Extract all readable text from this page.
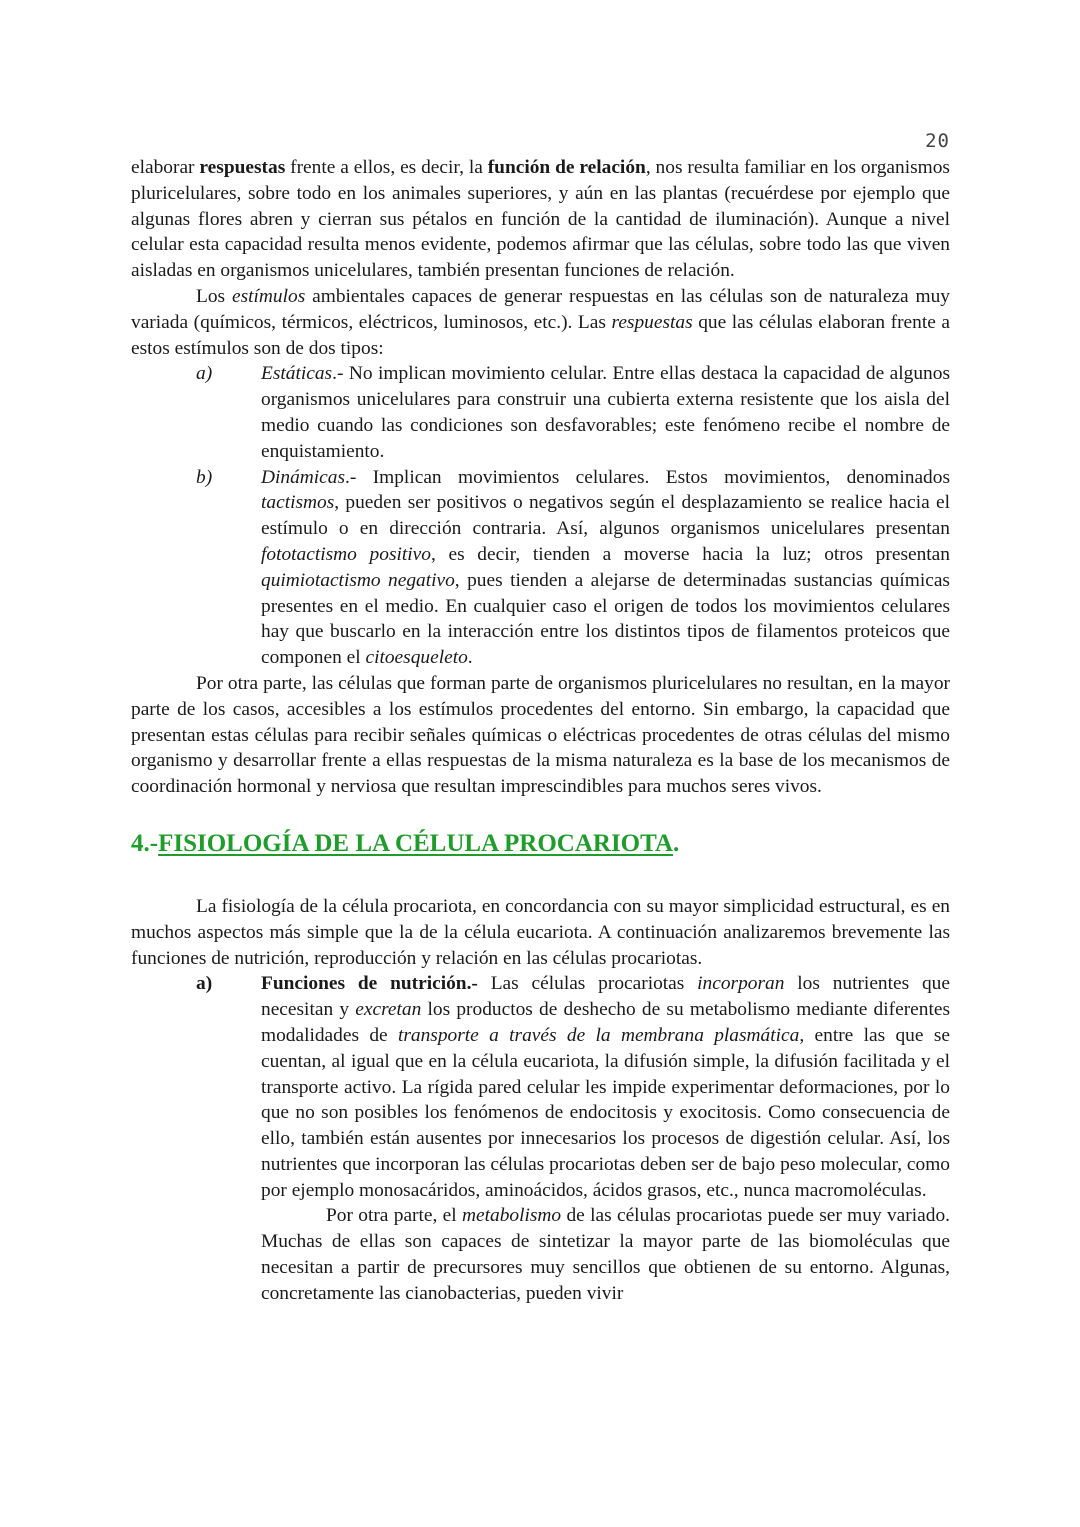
20

elaborar respuestas frente a ellos, es decir, la función de relación, nos resulta familiar en los organismos pluricelulares, sobre todo en los animales superiores, y aún en las plantas (recuérdese por ejemplo que algunas flores abren y cierran sus pétalos en función de la cantidad de iluminación). Aunque a nivel celular esta capacidad resulta menos evidente, podemos afirmar que las células, sobre todo las que viven aisladas en organismos unicelulares, también presentan funciones de relación.

Los estímulos ambientales capaces de generar respuestas en las células son de naturaleza muy variada (químicos, térmicos, eléctricos, luminosos, etc.). Las respuestas que las células elaboran frente a estos estímulos son de dos tipos:

a)	Estáticas.- No implican movimiento celular. Entre ellas destaca la capacidad de algunos organismos unicelulares para construir una cubierta externa resistente que los aisla del medio cuando las condiciones son desfavorables; este fenómeno recibe el nombre de enquistamiento.

b)	Dinámicas.- Implican movimientos celulares. Estos movimientos, denominados tactismos, pueden ser positivos o negativos según el desplazamiento se realice hacia el estímulo o en dirección contraria. Así, algunos organismos unicelulares presentan fototactismo positivo, es decir, tienden a moverse hacia la luz; otros presentan quimiotactismo negativo, pues tienden a alejarse de determinadas sustancias químicas presentes en el medio. En cualquier caso el origen de todos los movimientos celulares hay que buscarlo en la interacción entre los distintos tipos de filamentos proteicos que componen el citoesqueleto.

Por otra parte, las células que forman parte de organismos pluricelulares no resultan, en la mayor parte de los casos, accesibles a los estímulos procedentes del entorno. Sin embargo, la capacidad que presentan estas células para recibir señales químicas o eléctricas procedentes de otras células del mismo organismo y desarrollar frente a ellas respuestas de la misma naturaleza es la base de los mecanismos de coordinación hormonal y nerviosa que resultan imprescindibles para muchos seres vivos.

4.-FISIOLOGÍA DE LA CÉLULA PROCARIOTA.

La fisiología de la célula procariota, en concordancia con su mayor simplicidad estructural, es en muchos aspectos más simple que la de la célula eucariota. A continuación analizaremos brevemente las funciones de nutrición, reproducción y relación en las células procariotas.

a)	Funciones de nutrición.- Las células procariotas incorporan los nutrientes que necesitan y excretan los productos de deshecho de su metabolismo mediante diferentes modalidades de transporte a través de la membrana plasmática, entre las que se cuentan, al igual que en la célula eucariota, la difusión simple, la difusión facilitada y el transporte activo. La rígida pared celular les impide experimentar deformaciones, por lo que no son posibles los fenómenos de endocitosis y exocitosis. Como consecuencia de ello, también están ausentes por innecesarios los procesos de digestión celular. Así, los nutrientes que incorporan las células procariotas deben ser de bajo peso molecular, como por ejemplo monosacáridos, aminoácidos, ácidos grasos, etc., nunca macromoléculas.

Por otra parte, el metabolismo de las células procariotas puede ser muy variado. Muchas de ellas son capaces de sintetizar la mayor parte de las biomoléculas que necesitan a partir de precursores muy sencillos que obtienen de su entorno. Algunas, concretamente las cianobacterias, pueden vivir
